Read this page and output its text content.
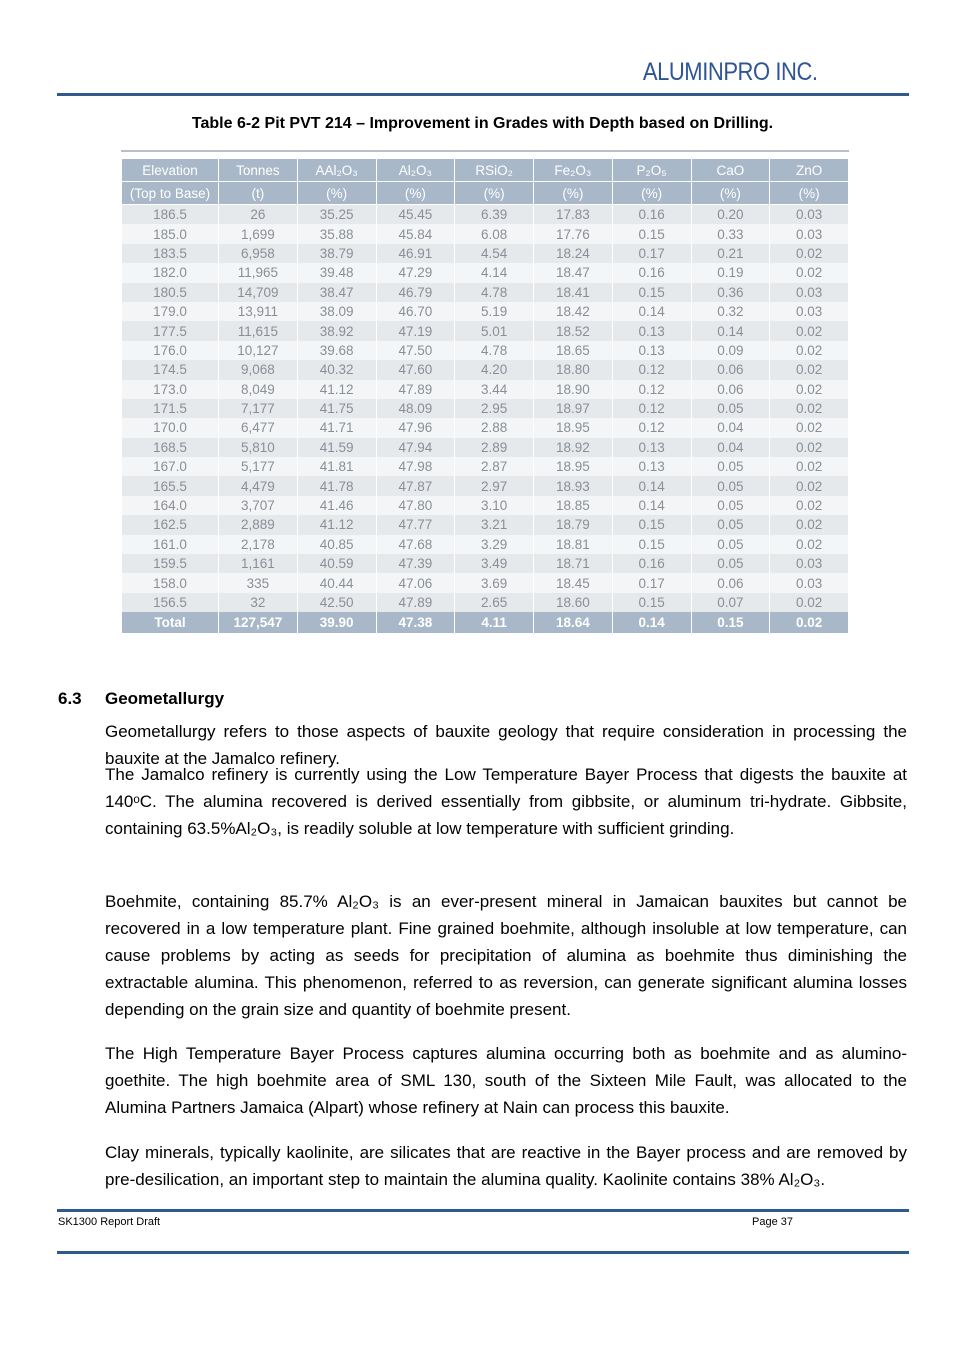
ALUMINPRO INC.
Table 6-2 Pit PVT 214 – Improvement in Grades with Depth based on Drilling.
Elevation	Tonnes	AAl₂O₃	Al₂O₃	RSiO₂	Fe₂O₃	P₂O₅	CaO	ZnO
(Top to Base)	(t)	(%)	(%)	(%)	(%)	(%)	(%)	(%)
186.5	26	35.25	45.45	6.39	17.83	0.16	0.20	0.03
185.0	1,699	35.88	45.84	6.08	17.76	0.15	0.33	0.03
183.5	6,958	38.79	46.91	4.54	18.24	0.17	0.21	0.02
182.0	11,965	39.48	47.29	4.14	18.47	0.16	0.19	0.02
180.5	14,709	38.47	46.79	4.78	18.41	0.15	0.36	0.03
179.0	13,911	38.09	46.70	5.19	18.42	0.14	0.32	0.03
177.5	11,615	38.92	47.19	5.01	18.52	0.13	0.14	0.02
176.0	10,127	39.68	47.50	4.78	18.65	0.13	0.09	0.02
174.5	9,068	40.32	47.60	4.20	18.80	0.12	0.06	0.02
173.0	8,049	41.12	47.89	3.44	18.90	0.12	0.06	0.02
171.5	7,177	41.75	48.09	2.95	18.97	0.12	0.05	0.02
170.0	6,477	41.71	47.96	2.88	18.95	0.12	0.04	0.02
168.5	5,810	41.59	47.94	2.89	18.92	0.13	0.04	0.02
167.0	5,177	41.81	47.98	2.87	18.95	0.13	0.05	0.02
165.5	4,479	41.78	47.87	2.97	18.93	0.14	0.05	0.02
164.0	3,707	41.46	47.80	3.10	18.85	0.14	0.05	0.02
162.5	2,889	41.12	47.77	3.21	18.79	0.15	0.05	0.02
161.0	2,178	40.85	47.68	3.29	18.81	0.15	0.05	0.02
159.5	1,161	40.59	47.39	3.49	18.71	0.16	0.05	0.03
158.0	335	40.44	47.06	3.69	18.45	0.17	0.06	0.03
156.5	32	42.50	47.89	2.65	18.60	0.15	0.07	0.02
Total	127,547	39.90	47.38	4.11	18.64	0.14	0.15	0.02
6.3 Geometallurgy
Geometallurgy refers to those aspects of bauxite geology that require consideration in processing the bauxite at the Jamalco refinery.
The Jamalco refinery is currently using the Low Temperature Bayer Process that digests the bauxite at 140ᵒC. The alumina recovered is derived essentially from gibbsite, or aluminum tri-hydrate. Gibbsite, containing 63.5%Al₂O₃, is readily soluble at low temperature with sufficient grinding.
Boehmite, containing 85.7% Al₂O₃ is an ever-present mineral in Jamaican bauxites but cannot be recovered in a low temperature plant. Fine grained boehmite, although insoluble at low temperature, can cause problems by acting as seeds for precipitation of alumina as boehmite thus diminishing the extractable alumina. This phenomenon, referred to as reversion, can generate significant alumina losses depending on the grain size and quantity of boehmite present.
The High Temperature Bayer Process captures alumina occurring both as boehmite and as alumino-goethite. The high boehmite area of SML 130, south of the Sixteen Mile Fault, was allocated to the Alumina Partners Jamaica (Alpart) whose refinery at Nain can process this bauxite.
Clay minerals, typically kaolinite, are silicates that are reactive in the Bayer process and are removed by pre-desilication, an important step to maintain the alumina quality. Kaolinite contains 38% Al₂O₃.
SK1300 Report Draft	Page 37
